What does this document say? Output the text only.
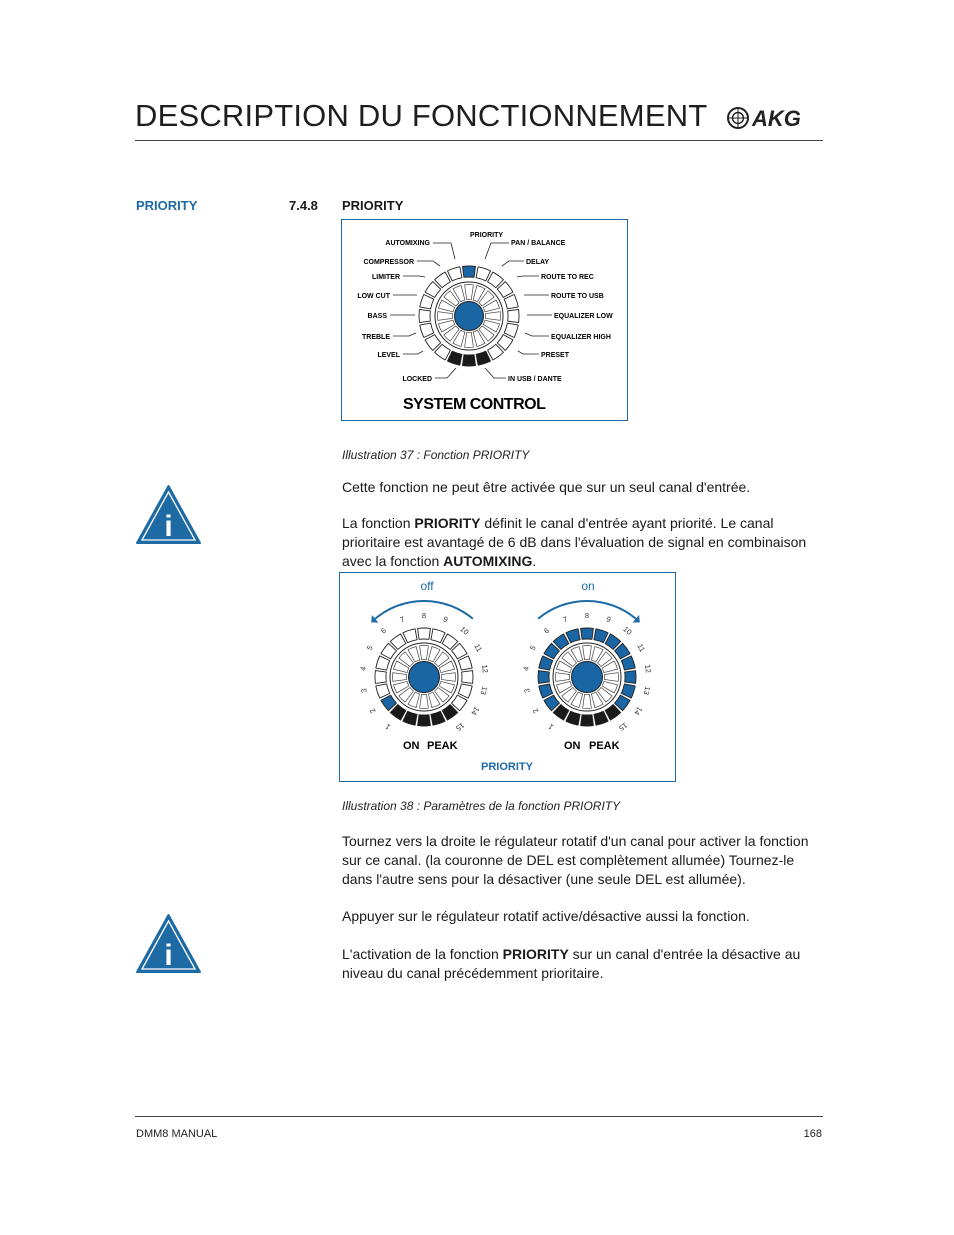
DESCRIPTION DU FONCTIONNEMENT AKG
PRIORITY	7.4.8 PRIORITY
PRIORITY
AUTOMIXING
COMPRESSOR
LIMITER
LOW CUT
BASS
TREBLE
LEVEL
LOCKED
PAN / BALANCE
DELAY
ROUTE TO REC
ROUTE TO USB
EQUALIZER LOW
EQUALIZER HIGH
PRESET
IN USB / DANTE
SYSTEM CONTROL
Illustration 37 : Fonction PRIORITY
i
Cette fonction ne peut être activée que sur un seul canal d'entrée.
La fonction PRIORITY définit le canal d'entrée ayant priorité. Le canal prioritaire est avantagé de 6 dB dans l'évaluation de signal en combinaison avec la fonction AUTOMIXING.
off	on
1
2
3
4
5
6
7 8 9
10
11
12
13
14
15	1
2
3
4
5
6
7 8 9
10
11
12
13
14
15
ON PEAK	ON PEAK
PRIORITY
Illustration 38 : Paramètres de la fonction PRIORITY
Tournez vers la droite le régulateur rotatif d'un canal pour activer la fonction sur ce canal. (la couronne de DEL est complètement allumée) Tournez-le dans l'autre sens pour la désactiver (une seule DEL est allumée).
i
Appuyer sur le régulateur rotatif active/désactive aussi la fonction.
L'activation de la fonction PRIORITY sur un canal d'entrée la désactive au niveau du canal précédemment prioritaire.
DMM8 MANUAL	168
